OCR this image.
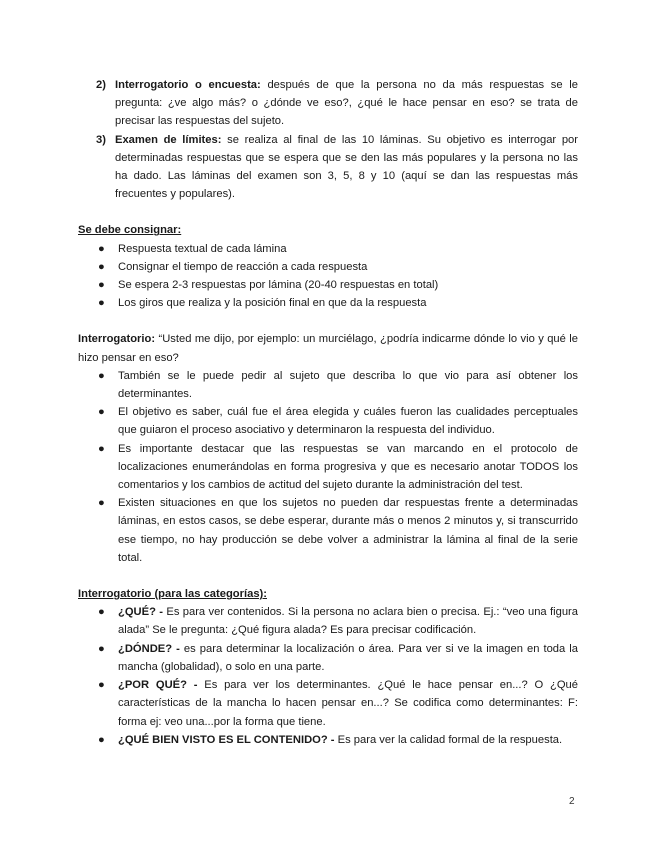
2) Interrogatorio o encuesta: después de que la persona no da más respuestas se le pregunta: ¿ve algo más? o ¿dónde ve eso?, ¿qué le hace pensar en eso? se trata de precisar las respuestas del sujeto.
3) Examen de límites: se realiza al final de las 10 láminas. Su objetivo es interrogar por determinadas respuestas que se espera que se den las más populares y la persona no las ha dado. Las láminas del examen son 3, 5, 8 y 10 (aquí se dan las respuestas más frecuentes y populares).

Se debe consignar:

● Respuesta textual de cada lámina
● Consignar el tiempo de reacción a cada respuesta
● Se espera 2-3 respuestas por lámina (20-40 respuestas en total)
● Los giros que realiza y la posición final en que da la respuesta

Interrogatorio: “Usted me dijo, por ejemplo: un murciélago, ¿podría indicarme dónde lo vio y qué le hizo pensar en eso?

● También se le puede pedir al sujeto que describa lo que vio para así obtener los determinantes.
● El objetivo es saber, cuál fue el área elegida y cuáles fueron las cualidades perceptuales que guiaron el proceso asociativo y determinaron la respuesta del individuo.
● Es importante destacar que las respuestas se van marcando en el protocolo de localizaciones enumerándolas en forma progresiva y que es necesario anotar TODOS los comentarios y los cambios de actitud del sujeto durante la administración del test.
● Existen situaciones en que los sujetos no pueden dar respuestas frente a determinadas láminas, en estos casos, se debe esperar, durante más o menos 2 minutos y, si transcurrido ese tiempo, no hay producción se debe volver a administrar la lámina al final de la serie total.

Interrogatorio (para las categorías):

● ¿QUÉ? - Es para ver contenidos. Si la persona no aclara bien o precisa. Ej.: “veo una figura alada” Se le pregunta: ¿Qué figura alada? Es para precisar codificación.
● ¿DÓNDE? - es para determinar la localización o área. Para ver si ve la imagen en toda la mancha (globalidad), o solo en una parte.
● ¿POR QUÉ? - Es para ver los determinantes. ¿Qué le hace pensar en...? O ¿Qué características de la mancha lo hacen pensar en...? Se codifica como determinantes: F: forma ej: veo una...por la forma que tiene.
● ¿QUÉ BIEN VISTO ES EL CONTENIDO? - Es para ver la calidad formal de la respuesta.
2
